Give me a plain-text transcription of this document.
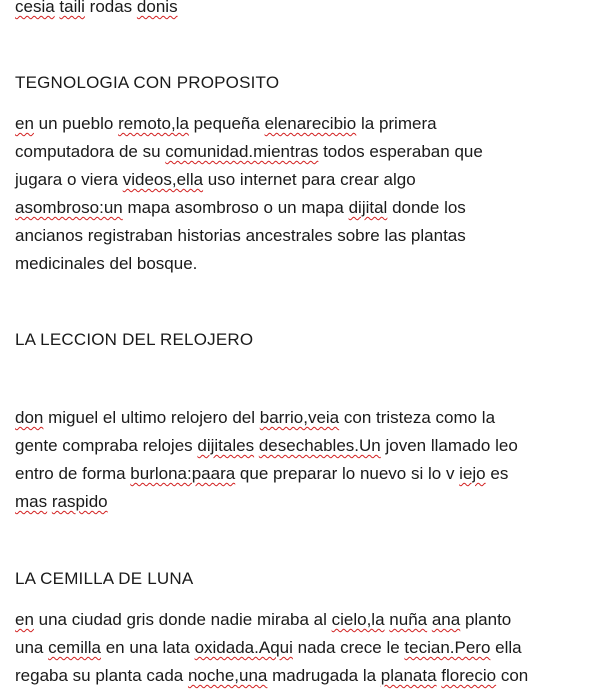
cesia taili rodas donis
TEGNOLOGIA CON PROPOSITO
en un pueblo remoto,la pequeña elenarecibio la primera
computadora de su comunidad.mientras todos esperaban que
jugara o viera videos,ella uso internet para crear algo
asombroso:un mapa asombroso o un mapa dijital donde los
ancianos registraban historias ancestrales sobre las plantas
medicinales del bosque.
LA LECCION DEL RELOJERO
don miguel el ultimo relojero del barrio,veia con tristeza como la
gente compraba relojes dijitales desechables.Un joven llamado leo
entro de forma burlona:paara que preparar lo nuevo si lo v iejo es
mas raspido
LA CEMILLA DE LUNA
en una ciudad gris donde nadie miraba al cielo,la nuña ana planto
una cemilla en una lata oxidada.Aqui nada crece le tecian.Pero ella
regaba su planta cada noche,una madrugada la planata florecio con
